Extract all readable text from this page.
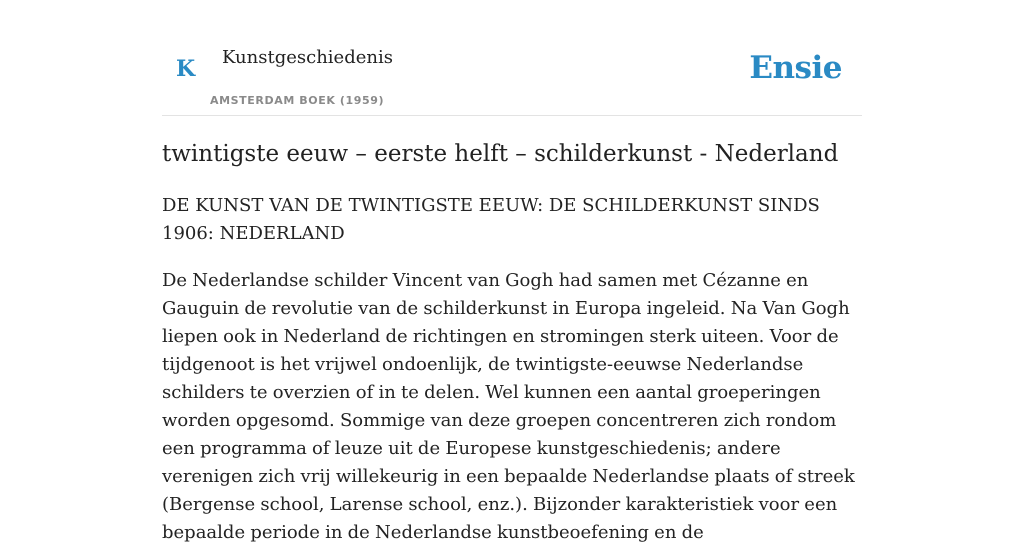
K Kunstgeschiedenis
AMSTERDAM BOEK (1959)
Ensie
twintigste eeuw – eerste helft – schilderkunst - Nederland

DE KUNST VAN DE TWINTIGSTE EEUW: DE SCHILDERKUNST SINDS 1906: NEDERLAND

De Nederlandse schilder Vincent van Gogh had samen met Cézanne en Gauguin de revolutie van de schilderkunst in Europa ingeleid. Na Van Gogh liepen ook in Nederland de richtingen en stromingen sterk uiteen. Voor de tijdgenoot is het vrijwel ondoenlijk, de twintigste-eeuwse Nederlandse schilders te overzien of in te delen. Wel kunnen een aantal groeperingen worden opgesomd. Sommige van deze groepen concentreren zich rondom een programma of leuze uit de Europese kunstgeschiedenis; andere verenigen zich vrij willekeurig in een bepaalde Nederlandse plaats of streek (Bergense school, Larense school, enz.). Bijzonder karakteristiek voor een bepaalde periode in de Nederlandse kunstbeoefening en de
